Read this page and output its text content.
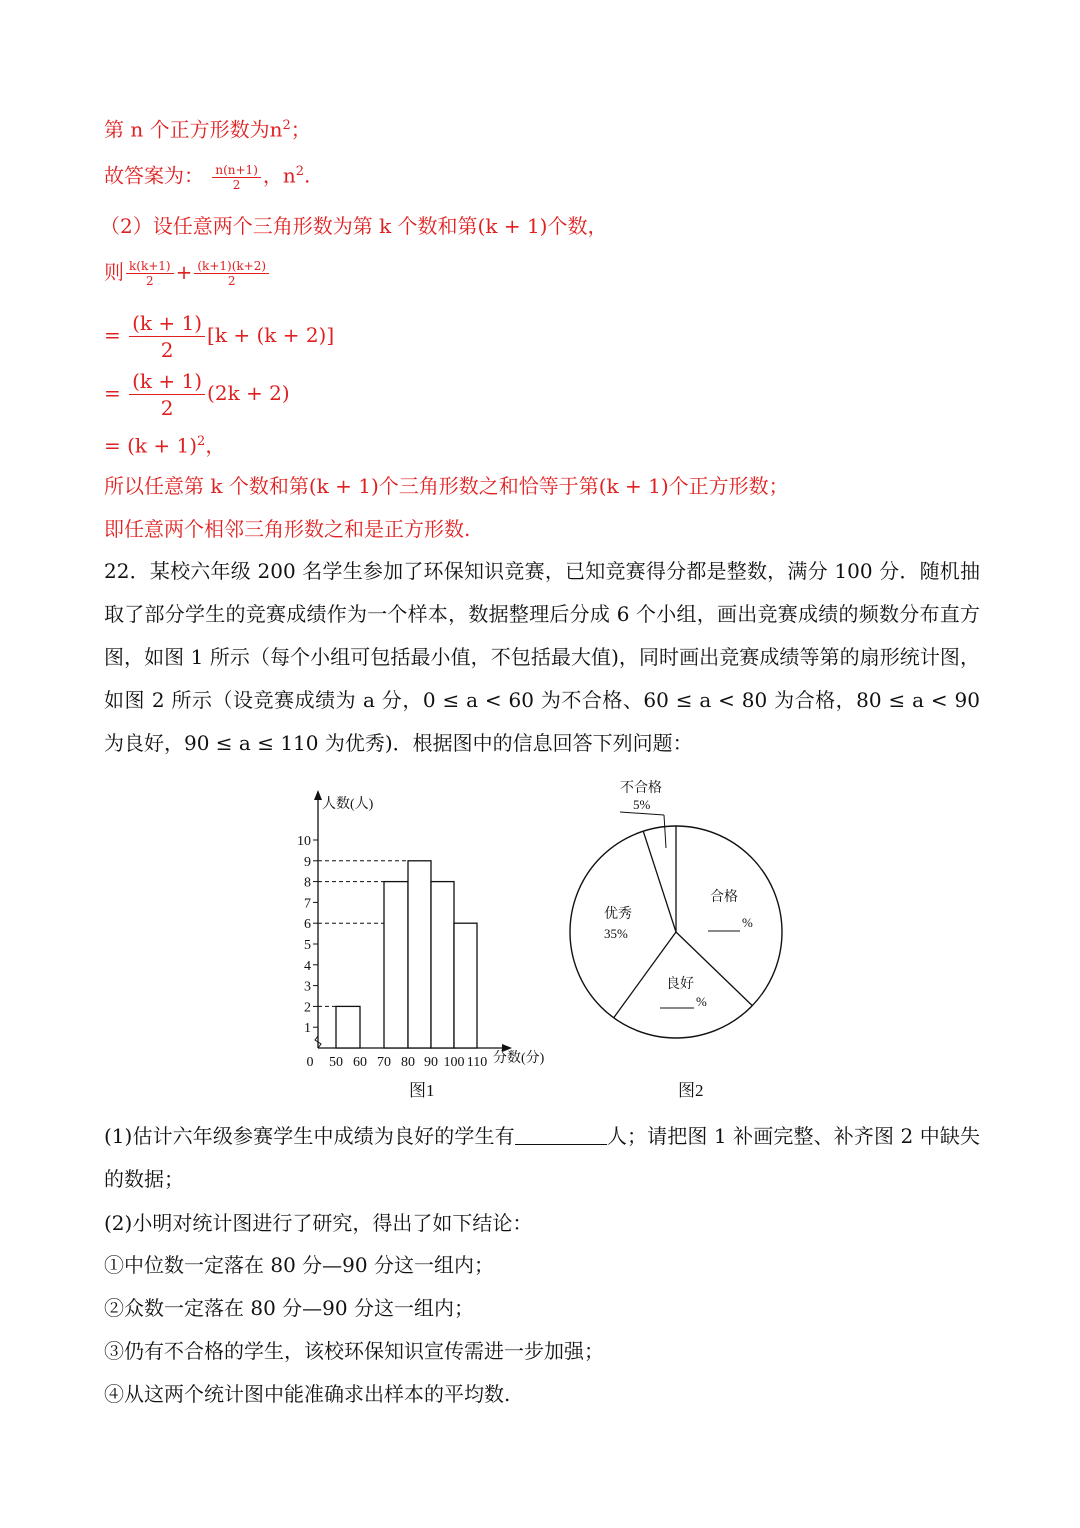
第 n 个正方形数为$n^2$；
故答案为： $\frac{n(n+1)}{2}$ ，$n^2$.
（2）设任意两个三角形数为第 k 个数和第(k + 1)个数，
则 $\frac{k(k+1)}{2} + \frac{(k+1)(k+2)}{2}$
= $\frac{(k + 1)}{2} [k + (k + 2)]$
= $\frac{(k + 1)}{2} (2k + 2)$
= $(k + 1)^2$，
所以任意第 k 个数和第(k + 1)个三角形数之和恰等于第(k + 1)个正方形数；
即任意两个相邻三角形数之和是正方形数.
22．某校六年级 200 名学生参加了环保知识竞赛，已知竞赛得分都是整数，满分 100 分．随机抽取了部分学生的竞赛成绩作为一个样本，数据整理后分成 6 个小组，画出竞赛成绩的频数分布直方图，如图 1 所示（每个小组可包括最小值，不包括最大值)，同时画出竞赛成绩等第的扇形统计图，如图 2 所示（设竞赛成绩为 a 分，0 ≤ a < 60 为不合格、60 ≤ a < 80 为合格，80 ≤ a < 90 为良好，90 ≤ a ≤ 110 为优秀)．根据图中的信息回答下列问题：
人数(人)
分数(分)
1
2
3
4
5
6
7
8
9
10
0 50 60 70 80 90 100 110
图1
不合格
5%
合格
%
良好
%
优秀
35%
图2
(1)估计六年级参赛学生中成绩为良好的学生有	人；请把图 1 补画完整、补齐图 2 中缺失的数据；
(2)小明对统计图进行了研究，得出了如下结论：
①中位数一定落在 80 分—90 分这一组内；
②众数一定落在 80 分—90 分这一组内；
③仍有不合格的学生，该校环保知识宣传需进一步加强；
④从这两个统计图中能准确求出样本的平均数.
